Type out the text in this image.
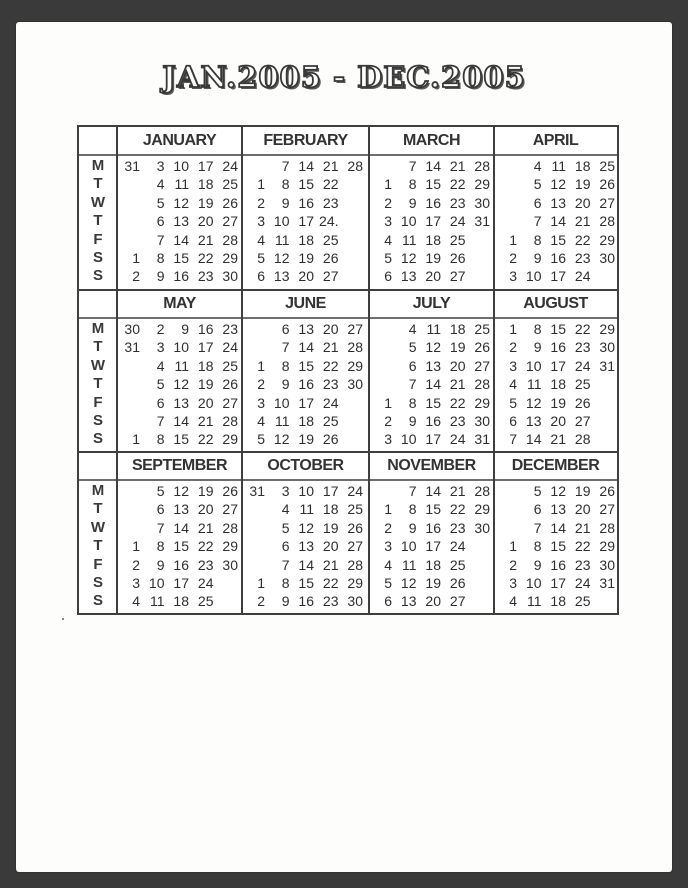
JAN.2005 - DEC.2005
JANUARY
31
1
2
3
4
5
6
7
8
9
10
11
12
13
14
15
16
17
18
19
20
21
22
23
24
25
26
27
28
29
30
FEBRUARY
1
2
3
4
5
6
7
8
9
10
11
12
13
14
15
16
17
18
19
20
21
22
23
24.
25
26
27
28
MARCH
1
2
3
4
5
6
7
8
9
10
11
12
13
14
15
16
17
18
19
20
21
22
23
24
25
26
27
28
29
30
31
APRIL
1
2
3
4
5
6
7
8
9
10
11
12
13
14
15
16
17
18
19
20
21
22
23
24
25
26
27
28
29
30
MAY
30
31
1
2
3
4
5
6
7
8
9
10
11
12
13
14
15
16
17
18
19
20
21
22
23
24
25
26
27
28
29
JUNE
1
2
3
4
5
6
7
8
9
10
11
12
13
14
15
16
17
18
19
20
21
22
23
24
25
26
27
28
29
30
JULY
1
2
3
4
5
6
7
8
9
10
11
12
13
14
15
16
17
18
19
20
21
22
23
24
25
26
27
28
29
30
31
AUGUST
1
2
3
4
5
6
7
8
9
10
11
12
13
14
15
16
17
18
19
20
21
22
23
24
25
26
27
28
29
30
31
SEPTEMBER
1
2
3
4
5
6
7
8
9
10
11
12
13
14
15
16
17
18
19
20
21
22
23
24
25
26
27
28
29
30
OCTOBER
31
1
2
3
4
5
6
7
8
9
10
11
12
13
14
15
16
17
18
19
20
21
22
23
24
25
26
27
28
29
30
NOVEMBER
1
2
3
4
5
6
7
8
9
10
11
12
13
14
15
16
17
18
19
20
21
22
23
24
25
26
27
28
29
30
DECEMBER
1
2
3
4
5
6
7
8
9
10
11
12
13
14
15
16
17
18
19
20
21
22
23
24
25
26
27
28
29
30
31
M
T
W
T
F
S
S
M
T
W
T
F
S
S
M
T
W
T
F
S
S
